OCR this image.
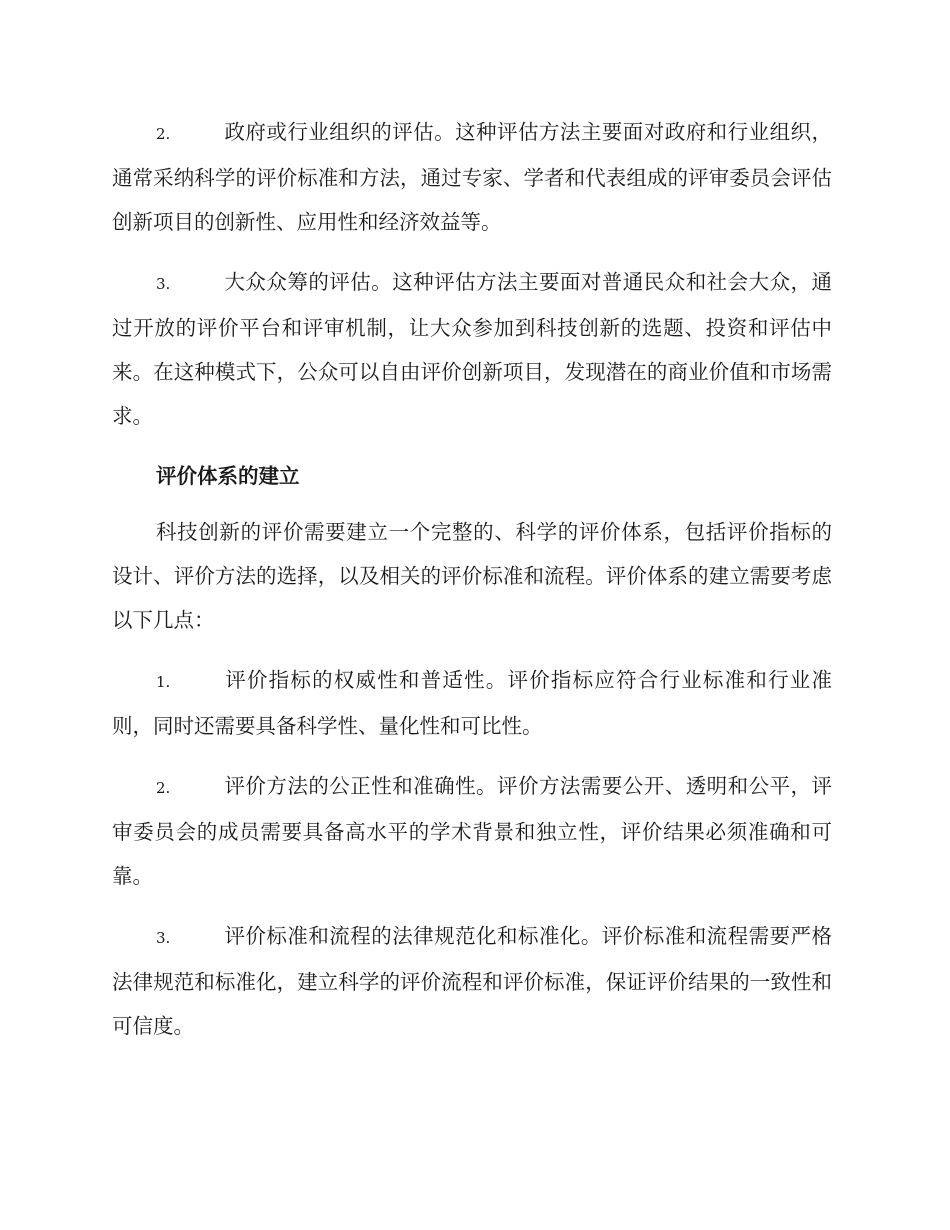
2.	政府或行业组织的评估。这种评估方法主要面对政府和行业组织，通常采纳科学的评价标准和方法，通过专家、学者和代表组成的评审委员会评估创新项目的创新性、应用性和经济效益等。

3.	大众众筹的评估。这种评估方法主要面对普通民众和社会大众，通过开放的评价平台和评审机制，让大众参加到科技创新的选题、投资和评估中来。在这种模式下，公众可以自由评价创新项目，发现潜在的商业价值和市场需求。

评价体系的建立

科技创新的评价需要建立一个完整的、科学的评价体系，包括评价指标的设计、评价方法的选择，以及相关的评价标准和流程。评价体系的建立需要考虑以下几点：

1.	评价指标的权威性和普适性。评价指标应符合行业标准和行业准则，同时还需要具备科学性、量化性和可比性。

2.	评价方法的公正性和准确性。评价方法需要公开、透明和公平，评审委员会的成员需要具备高水平的学术背景和独立性，评价结果必须准确和可靠。

3.	评价标准和流程的法律规范化和标准化。评价标准和流程需要严格法律规范和标准化，建立科学的评价流程和评价标准，保证评价结果的一致性和可信度。
